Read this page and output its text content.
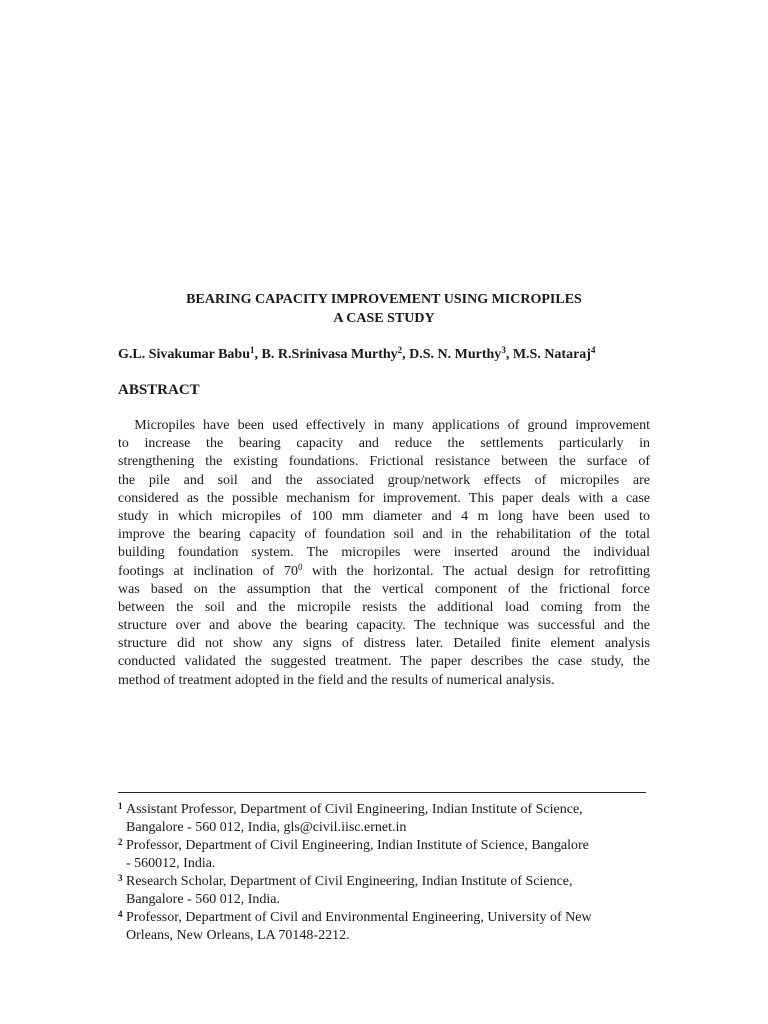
BEARING CAPACITY IMPROVEMENT USING MICROPILES
A CASE STUDY
G.L. Sivakumar Babu$^1$, B. R.Srinivasa Murthy$^2$, D.S. N. Murthy$^3$, M.S. Nataraj$^4$
ABSTRACT
Micropiles have been used effectively in many applications of ground improvement
to increase the bearing capacity and reduce the settlements particularly in
strengthening the existing foundations. Frictional resistance between the surface of
the pile and soil and the associated group/network effects of micropiles are
considered as the possible mechanism for improvement. This paper deals with a case
study in which micropiles of 100 mm diameter and 4 m long have been used to
improve the bearing capacity of foundation soil and in the rehabilitation of the total
building foundation system. The micropiles were inserted around the individual
footings at inclination of $70^0$ with the horizontal. The actual design for retrofitting
was based on the assumption that the vertical component of the frictional force
between the soil and the micropile resists the additional load coming from the
structure over and above the bearing capacity. The technique was successful and the
structure did not show any signs of distress later. Detailed finite element analysis
conducted validated the suggested treatment. The paper describes the case study, the
method of treatment adopted in the field and the results of numerical analysis.
1 Assistant Professor, Department of Civil Engineering, Indian Institute of Science,
Bangalore - 560 012, India, gls@civil.iisc.ernet.in
2 Professor, Department of Civil Engineering, Indian Institute of Science, Bangalore
- 560012, India.
3 Research Scholar, Department of Civil Engineering, Indian Institute of Science,
Bangalore - 560 012, India.
4 Professor, Department of Civil and Environmental Engineering, University of New
Orleans, New Orleans, LA 70148-2212.
